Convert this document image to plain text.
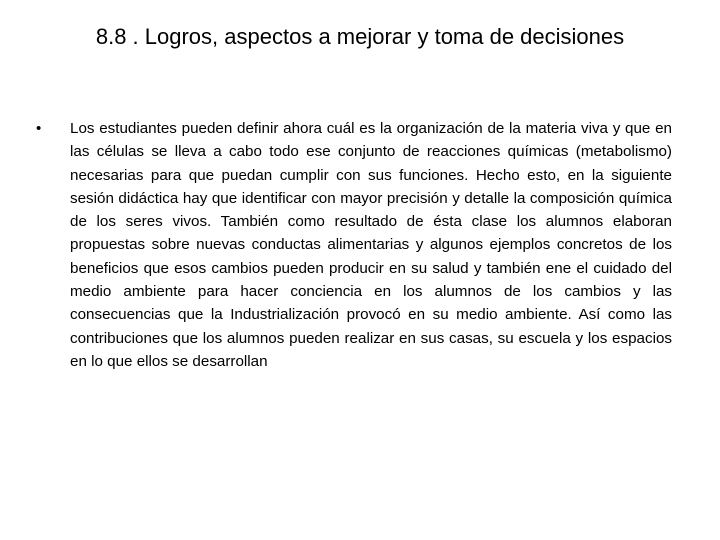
8.8 . Logros, aspectos a mejorar y toma de decisiones
• Los estudiantes pueden definir ahora cuál es la organización de la materia viva y que en las células se lleva a cabo todo ese conjunto de reacciones químicas (metabolismo) necesarias para que puedan cumplir con sus funciones. Hecho esto, en la siguiente sesión didáctica hay que identificar con mayor precisión y detalle la composición química de los seres vivos. También como resultado de ésta clase los alumnos elaboran propuestas sobre nuevas conductas alimentarias y algunos ejemplos concretos de los beneficios que esos cambios pueden producir en su salud y también ene el cuidado del medio ambiente para hacer conciencia en los alumnos de los cambios y las consecuencias que la Industrialización provocó en su medio ambiente. Así como las contribuciones que los alumnos pueden realizar en sus casas, su escuela y los espacios en lo que ellos se desarrollan
